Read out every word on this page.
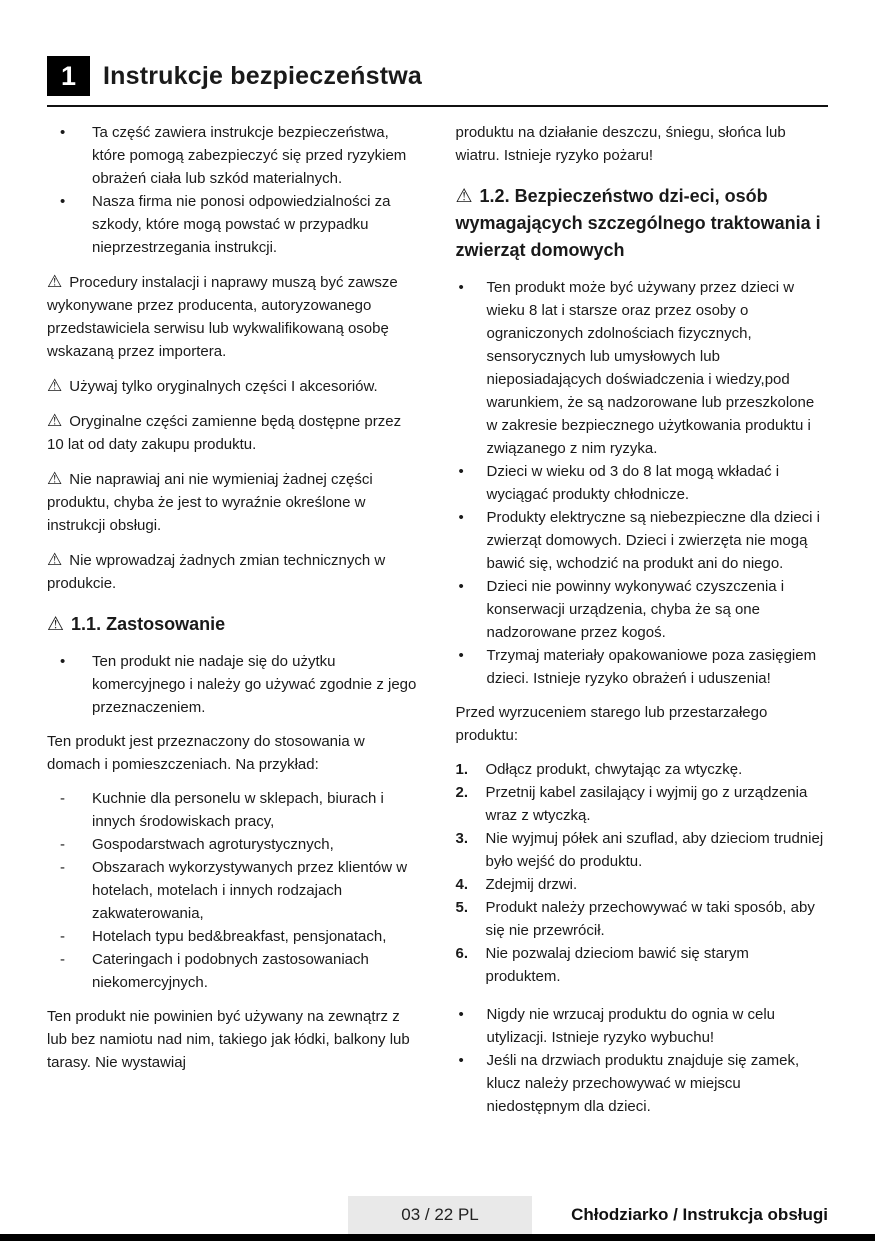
1 Instrukcje bezpieczeństwa
•	Ta część zawiera instrukcje bezpieczeństwa, które pomogą zabezpieczyć się przed ryzykiem obrażeń ciała lub szkód materialnych.
•	Nasza firma nie ponosi odpowiedzialności za szkody, które mogą powstać w przypadku nieprzestrzegania instrukcji.

⚠ Procedury instalacji i naprawy muszą być zawsze wykonywane przez producenta, autoryzowanego przedstawiciela serwisu lub wykwalifikowaną osobę wskazaną przez importera.

⚠ Używaj tylko oryginalnych części I akcesoriów.

⚠ Oryginalne części zamienne będą dostępne przez 10 lat od daty zakupu produktu.

⚠ Nie naprawiaj ani nie wymieniaj żadnej części produktu, chyba że jest to wyraźnie określone w instrukcji obsługi.

⚠ Nie wprowadzaj żadnych zmian technicznych w produkcie.

⚠ 1.1. Zastosowanie
•	Ten produkt nie nadaje się do użytku komercyjnego i należy go używać zgodnie z jego przeznaczeniem.

Ten produkt jest przeznaczony do stosowania w domach i pomieszczeniach. Na przykład:

-	Kuchnie dla personelu w sklepach, biurach i innych środowiskach pracy,
-	Gospodarstwach agroturystycznych,
-	Obszarach wykorzystywanych przez klientów w hotelach, motelach i innych rodzajach zakwaterowania,
-	Hotelach typu bed&breakfast, pensjonatach,
-	Cateringach i podobnych zastosowaniach niekomercyjnych.

Ten produkt nie powinien być używany na zewnątrz z lub bez namiotu nad nim, takiego jak łódki, balkony lub tarasy. Nie wystawiaj

produktu na działanie deszczu, śniegu, słońca lub wiatru. Istnieje ryzyko pożaru!

⚠ 1.2. Bezpieczeństwo dzi-eci, osób wymagających szczególnego traktowania i zwierząt domowych
•	Ten produkt może być używany przez dzieci w wieku 8 lat i starsze oraz przez osoby o ograniczonych zdolnościach fizycznych, sensorycznych lub umysłowych lub nieposiadających doświadczenia i wiedzy,pod warunkiem, że są nadzorowane lub przeszkolone w zakresie bezpiecznego użytkowania produktu i związanego z nim ryzyka.
•	Dzieci w wieku od 3 do 8 lat mogą wkładać i wyciągać produkty chłodnicze.
•	Produkty elektryczne są niebezpieczne dla dzieci i zwierząt domowych. Dzieci i zwierzęta nie mogą bawić się, wchodzić na produkt ani do niego.
•	Dzieci nie powinny wykonywać czyszczenia i konserwacji urządzenia, chyba że są one nadzorowane przez kogoś.
•	Trzymaj materiały opakowaniowe poza zasięgiem dzieci. Istnieje ryzyko obrażeń i uduszenia!

Przed wyrzuceniem starego lub przestarzałego produktu:

1.	Odłącz produkt, chwytając za wtyczkę.
2.	Przetnij kabel zasilający i wyjmij go z urządzenia wraz z wtyczką.
3.	Nie wyjmuj półek ani szuflad, aby dzieciom trudniej było wejść do produktu.
4.	Zdejmij drzwi.
5.	Produkt należy przechowywać w taki sposób, aby się nie przewrócił.
6.	Nie pozwalaj dzieciom bawić się starym produktem.
•	Nigdy nie wrzucaj produktu do ognia w celu utylizacji. Istnieje ryzyko wybuchu!
•	Jeśli na drzwiach produktu znajduje się zamek, klucz należy przechowywać w miejscu niedostępnym dla dzieci.
03 / 22 PL	Chłodziarko / Instrukcja obsługi
